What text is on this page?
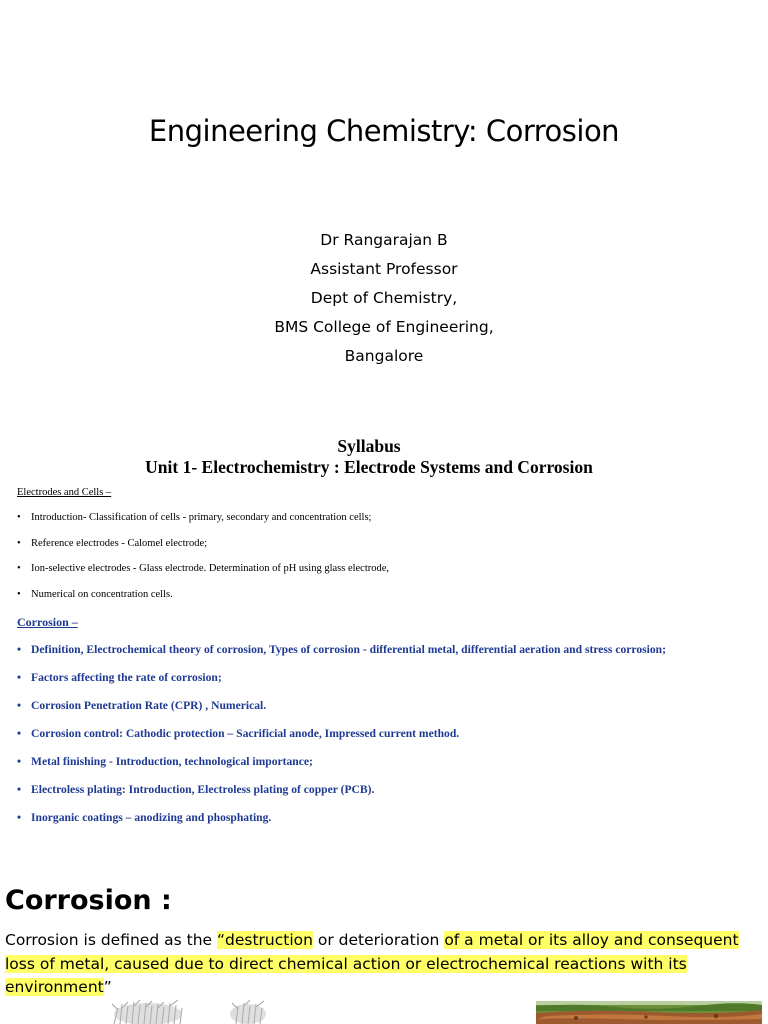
Engineering Chemistry: Corrosion
Dr Rangarajan B
Assistant Professor
Dept of Chemistry,
BMS College of Engineering,
Bangalore
Syllabus
Unit 1- Electrochemistry : Electrode Systems and Corrosion
Electrodes and Cells –
• Introduction- Classification of cells - primary, secondary and concentration cells;
• Reference electrodes - Calomel electrode;
• Ion-selective electrodes - Glass electrode. Determination of pH using glass electrode,
• Numerical on concentration cells.
Corrosion –
• Definition, Electrochemical theory of corrosion, Types of corrosion - differential metal, differential aeration and stress corrosion;
• Factors affecting the rate of corrosion;
• Corrosion Penetration Rate (CPR) , Numerical.
• Corrosion control: Cathodic protection – Sacrificial anode, Impressed current method.
• Metal finishing - Introduction, technological importance;
• Electroless plating: Introduction, Electroless plating of copper (PCB).
• Inorganic coatings – anodizing and phosphating.
Corrosion :
Corrosion is defined as the “destruction or deterioration of a metal or its alloy and consequent loss of metal, caused due to direct chemical action or electrochemical reactions with its environment”
